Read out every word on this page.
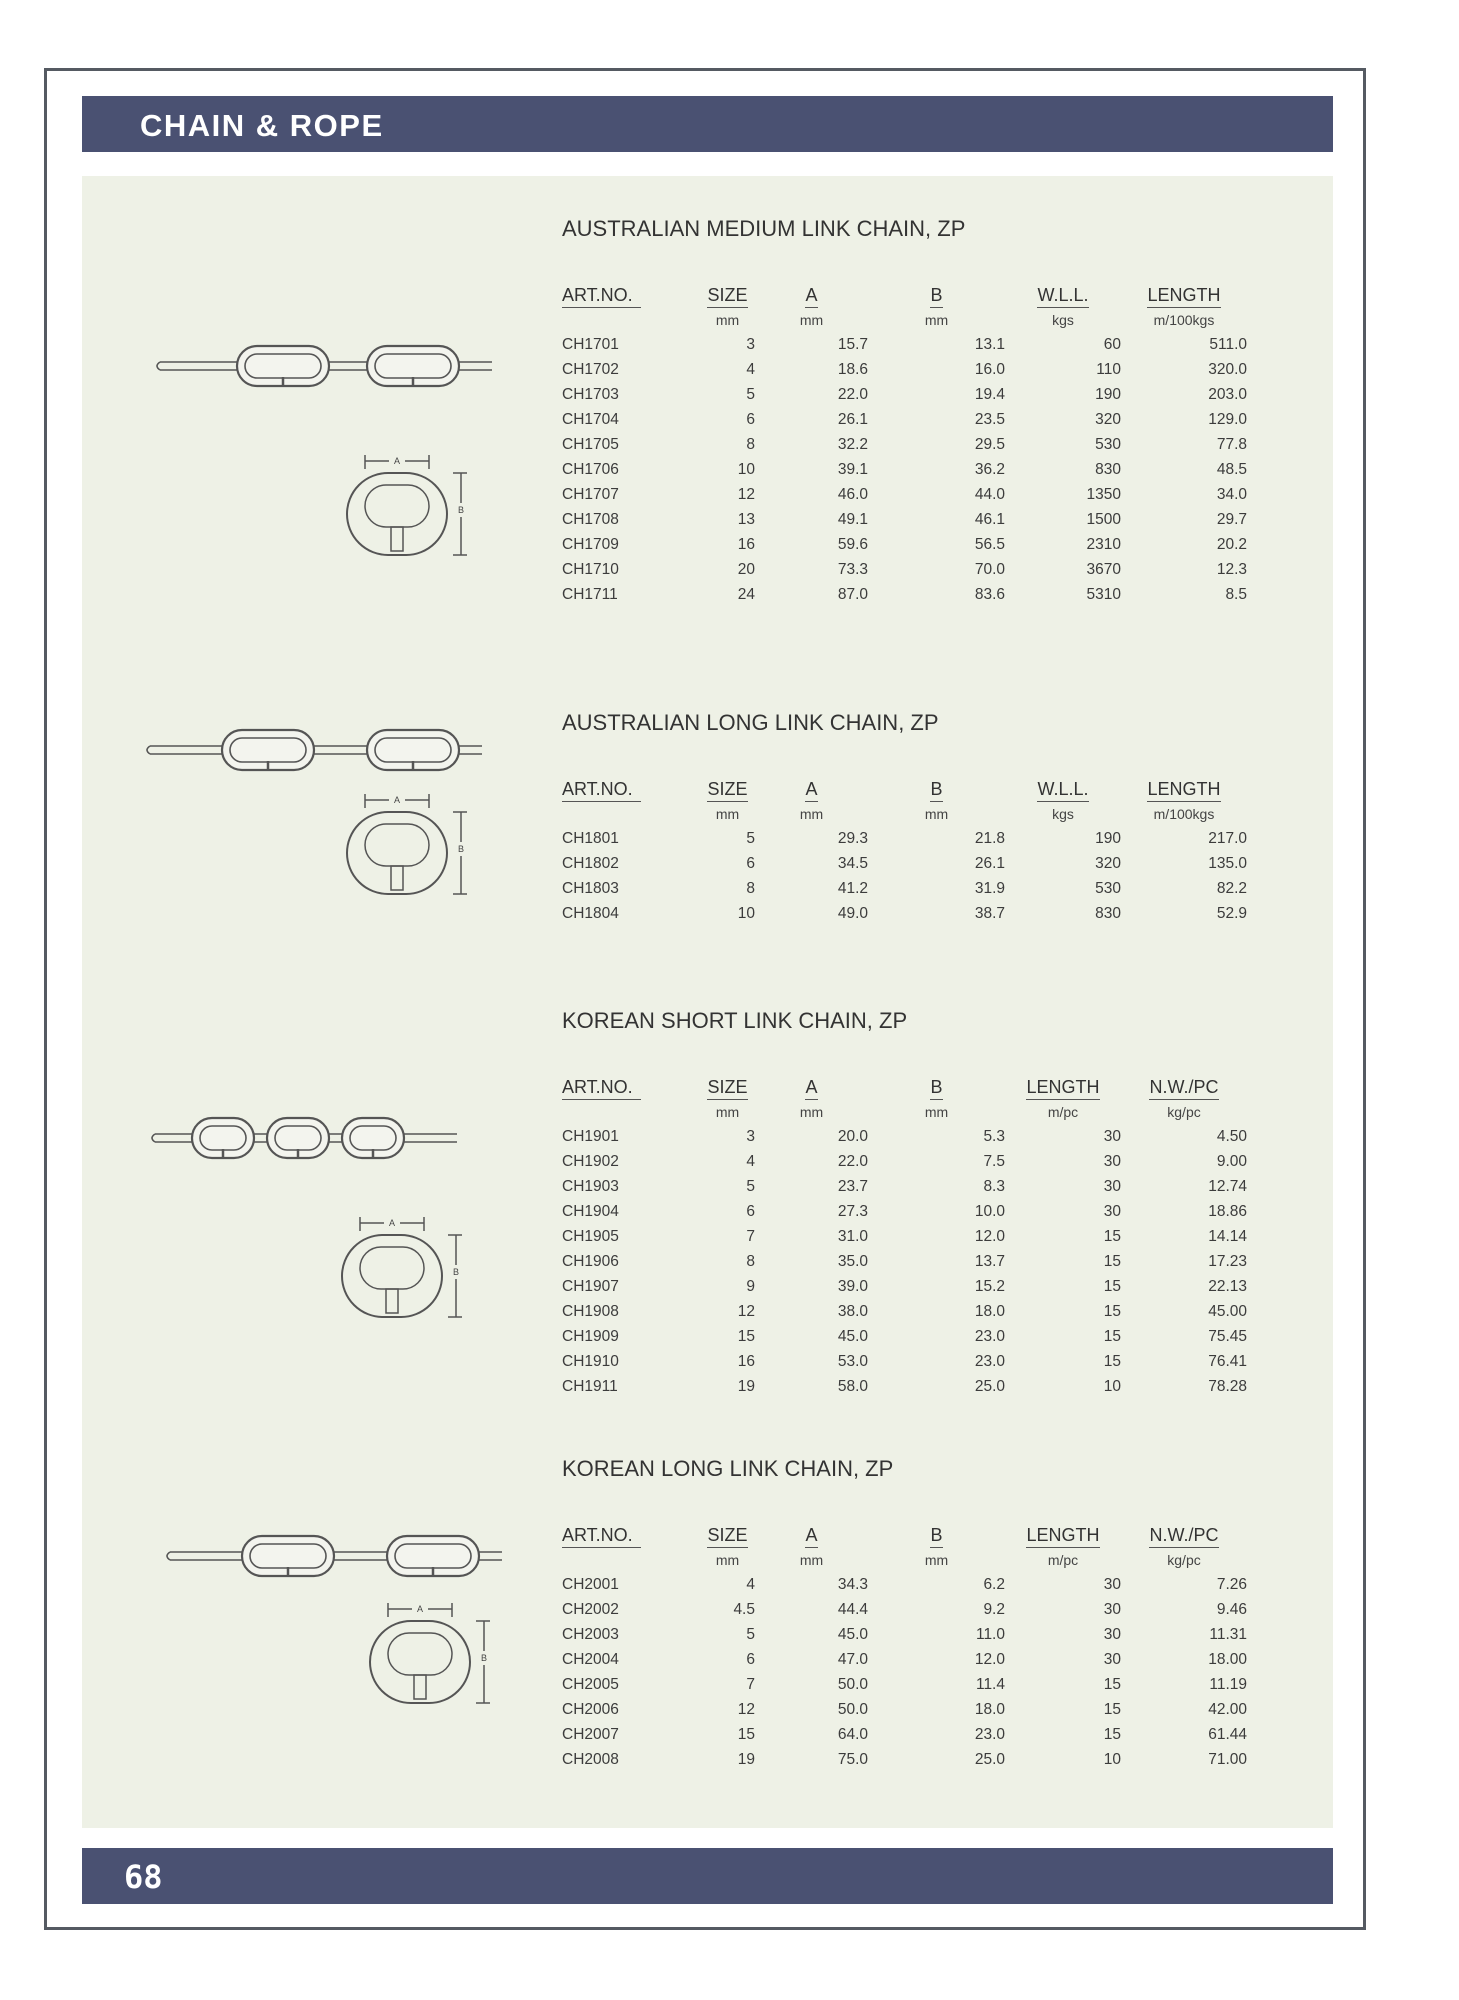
CHAIN & ROPE
AUSTRALIAN MEDIUM LINK CHAIN, ZP
A
B
ART.NO.	SIZE	A	B	W.L.L.	LENGTH
	mm	mm	mm	kgs	m/100kgs
CH1701	3	15.7	13.1	60	511.0
CH1702	4	18.6	16.0	110	320.0
CH1703	5	22.0	19.4	190	203.0
CH1704	6	26.1	23.5	320	129.0
CH1705	8	32.2	29.5	530	77.8
CH1706	10	39.1	36.2	830	48.5
CH1707	12	46.0	44.0	1350	34.0
CH1708	13	49.1	46.1	1500	29.7
CH1709	16	59.6	56.5	2310	20.2
CH1710	20	73.3	70.0	3670	12.3
CH1711	24	87.0	83.6	5310	8.5
AUSTRALIAN LONG LINK CHAIN, ZP
A
B
ART.NO.	SIZE	A	B	W.L.L.	LENGTH
	mm	mm	mm	kgs	m/100kgs
CH1801	5	29.3	21.8	190	217.0
CH1802	6	34.5	26.1	320	135.0
CH1803	8	41.2	31.9	530	82.2
CH1804	10	49.0	38.7	830	52.9
KOREAN SHORT LINK CHAIN, ZP
A
B
ART.NO.	SIZE	A	B	LENGTH	N.W./PC
	mm	mm	mm	m/pc	kg/pc
CH1901	3	20.0	5.3	30	4.50
CH1902	4	22.0	7.5	30	9.00
CH1903	5	23.7	8.3	30	12.74
CH1904	6	27.3	10.0	30	18.86
CH1905	7	31.0	12.0	15	14.14
CH1906	8	35.0	13.7	15	17.23
CH1907	9	39.0	15.2	15	22.13
CH1908	12	38.0	18.0	15	45.00
CH1909	15	45.0	23.0	15	75.45
CH1910	16	53.0	23.0	15	76.41
CH1911	19	58.0	25.0	10	78.28
KOREAN LONG LINK CHAIN, ZP
A
B
ART.NO.	SIZE	A	B	LENGTH	N.W./PC
	mm	mm	mm	m/pc	kg/pc
CH2001	4	34.3	6.2	30	7.26
CH2002	4.5	44.4	9.2	30	9.46
CH2003	5	45.0	11.0	30	11.31
CH2004	6	47.0	12.0	30	18.00
CH2005	7	50.0	11.4	15	11.19
CH2006	12	50.0	18.0	15	42.00
CH2007	15	64.0	23.0	15	61.44
CH2008	19	75.0	25.0	10	71.00
68
